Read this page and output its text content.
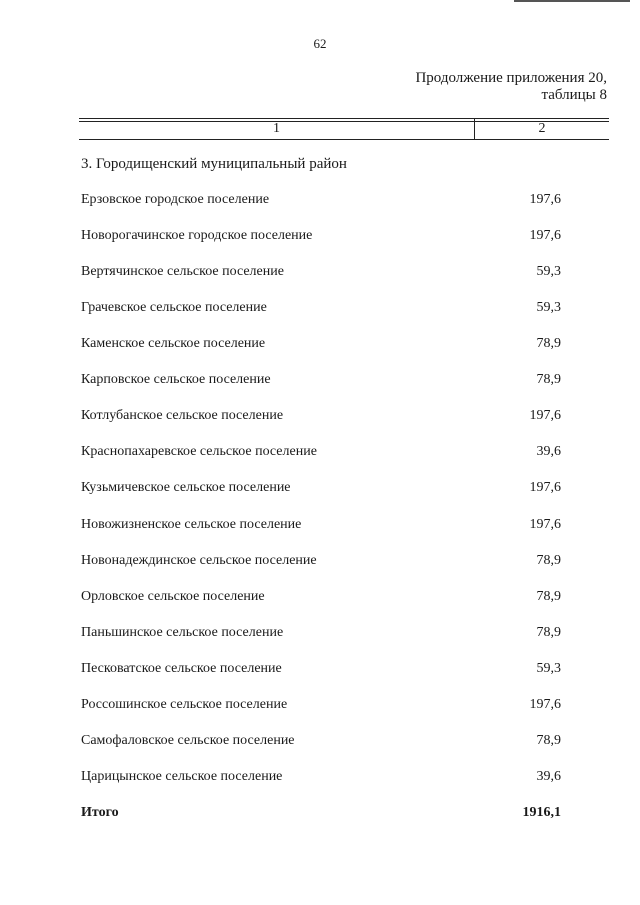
62
Продолжение приложения 20,
таблицы 8
1	2
3. Городищенский муниципальный район
Ерзовское городское поселение	197,6
Новорогачинское городское поселение	197,6
Вертячинское сельское поселение	59,3
Грачевское сельское поселение	59,3
Каменское сельское поселение	78,9
Карповское сельское поселение	78,9
Котлубанское сельское поселение	197,6
Краснопахаревское сельское поселение	39,6
Кузьмичевское сельское поселение	197,6
Новожизненское сельское поселение	197,6
Новонадеждинское сельское поселение	78,9
Орловское сельское поселение	78,9
Паньшинское сельское поселение	78,9
Песковатское сельское поселение	59,3
Россошинское сельское поселение	197,6
Самофаловское сельское поселение	78,9
Царицынское сельское поселение	39,6
Итого	1916,1
